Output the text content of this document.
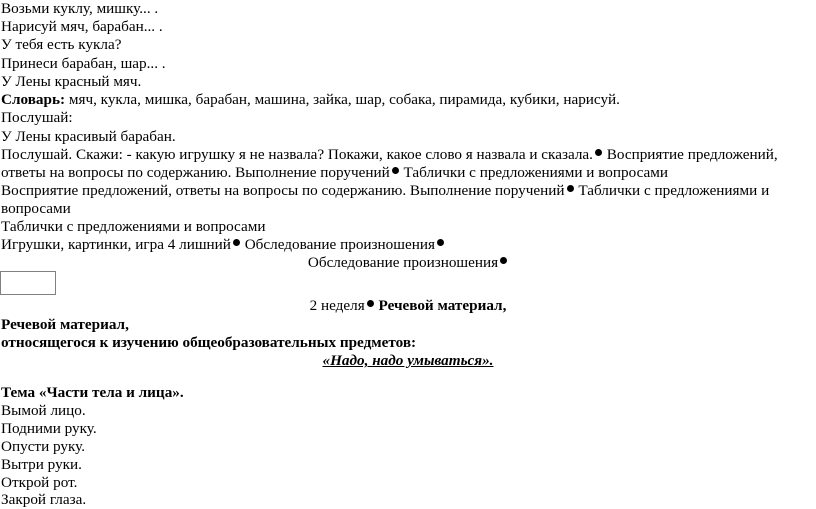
Возьми куклу, мишку... .
Нарисуй мяч, барабан... .
У тебя есть кукла?
Принеси барабан, шар... .
У Лены красный мяч.
Словарь: мяч, кукла, мишка, барабан, машина, зайка, шар, собака, пирамида, кубики, нарисуй.
Послушай:
У Лены красивый барабан.
Послушай. Скажи: - какую игрушку я не назвала? Покажи, какое слово я назвала и сказала. Восприятие предложений, ответы на вопросы по содержанию. Выполнение поручений Таблички с предложениями и вопросами
Восприятие предложений, ответы на вопросы по содержанию. Выполнение поручений Таблички с предложениями и вопросами
Таблички с предложениями и вопросами
Игрушки, картинки, игра 4 лишний Обследование произношения
Обследование произношения
2 неделя Речевой материал,
Речевой материал,
относящегося к изучению общеобразовательных предметов:
«Надо, надо умываться».
Тема «Части тела и лица».
Вымой лицо.
Подними руку.
Опусти руку.
Вытри руки.
Открой рот.
Закрой глаза.
